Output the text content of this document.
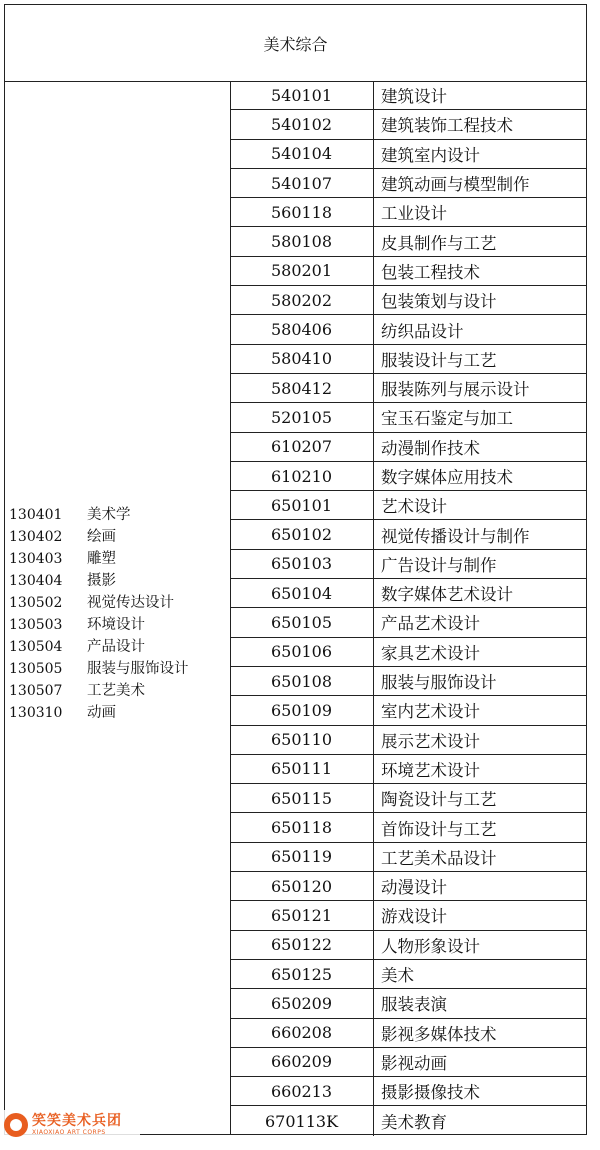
美术综合
130401 美术学
130402 绘画
130403 雕塑
130404 摄影
130502 视觉传达设计
130503 环境设计
130504 产品设计
130505 服装与服饰设计
130507 工艺美术
130310 动画
540101
540102
540104
540107
560118
580108
580201
580202
580406
580410
580412
520105
610207
610210
650101
650102
650103
650104
650105
650106
650108
650109
650110
650111
650115
650118
650119
650120
650121
650122
650125
650209
660208
660209
660213
670113K
建筑设计
建筑装饰工程技术
建筑室内设计
建筑动画与模型制作
工业设计
皮具制作与工艺
包装工程技术
包装策划与设计
纺织品设计
服装设计与工艺
服装陈列与展示设计
宝玉石鉴定与加工
动漫制作技术
数字媒体应用技术
艺术设计
视觉传播设计与制作
广告设计与制作
数字媒体艺术设计
产品艺术设计
家具艺术设计
服装与服饰设计
室内艺术设计
展示艺术设计
环境艺术设计
陶瓷设计与工艺
首饰设计与工艺
工艺美术品设计
动漫设计
游戏设计
人物形象设计
美术
服装表演
影视多媒体技术
影视动画
摄影摄像技术
美术教育
笑笑美术兵团
XIAOXIAO ART CORPS
